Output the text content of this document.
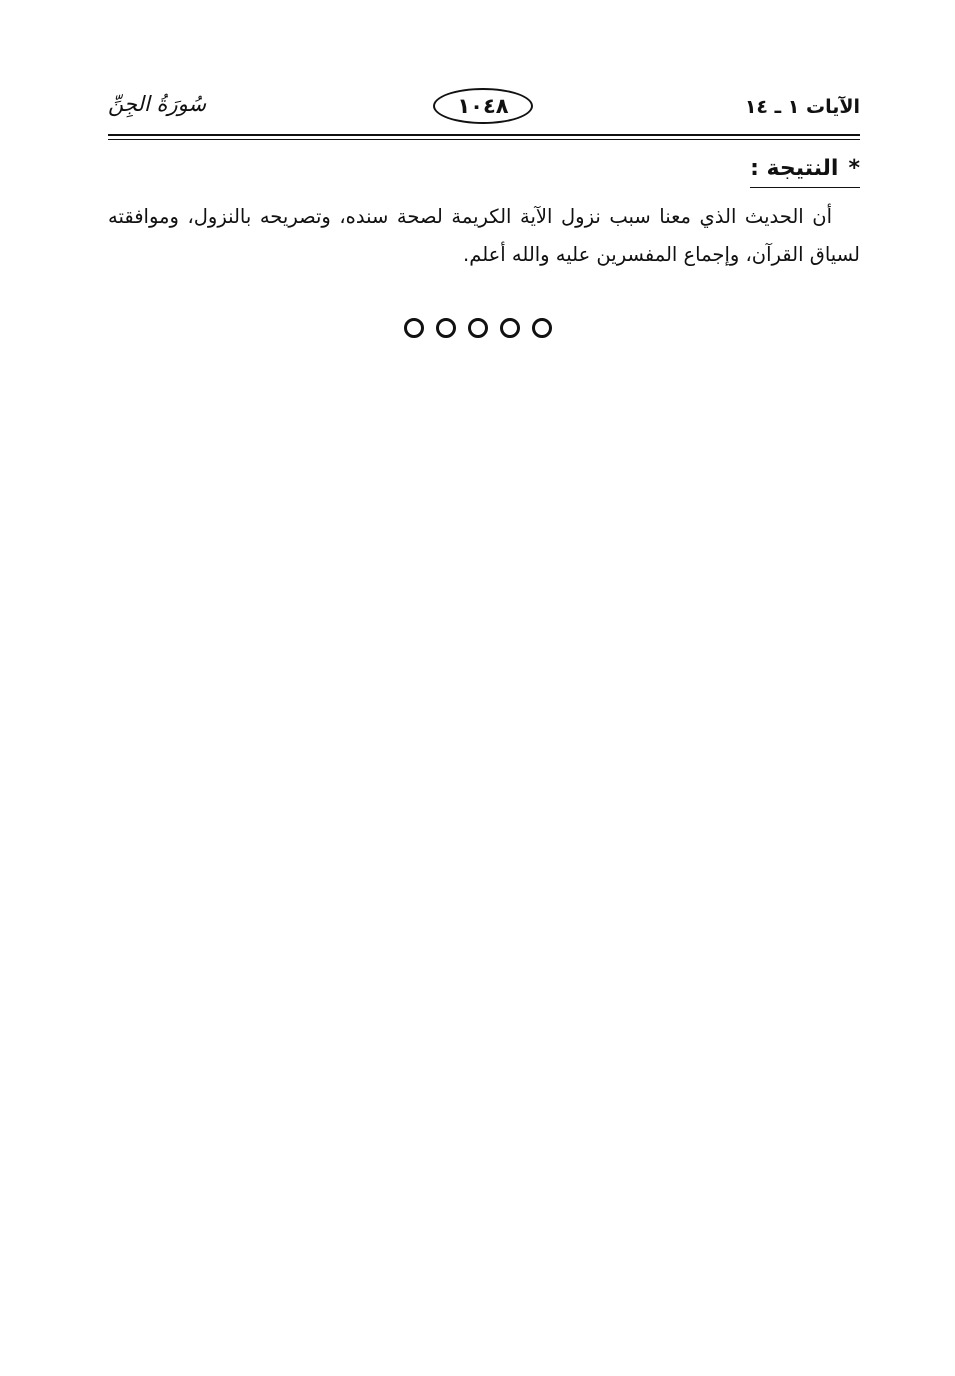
الآيات ١ ـ ١٤
١٠٤٨
سُورَةُ الجِنِّ
*النتيجة :
أن الحديث الذي معنا سبب نزول الآية الكريمة لصحة سنده، وتصريحه بالنزول، وموافقته لسياق القرآن، وإجماع المفسرين عليه والله أعلم.
